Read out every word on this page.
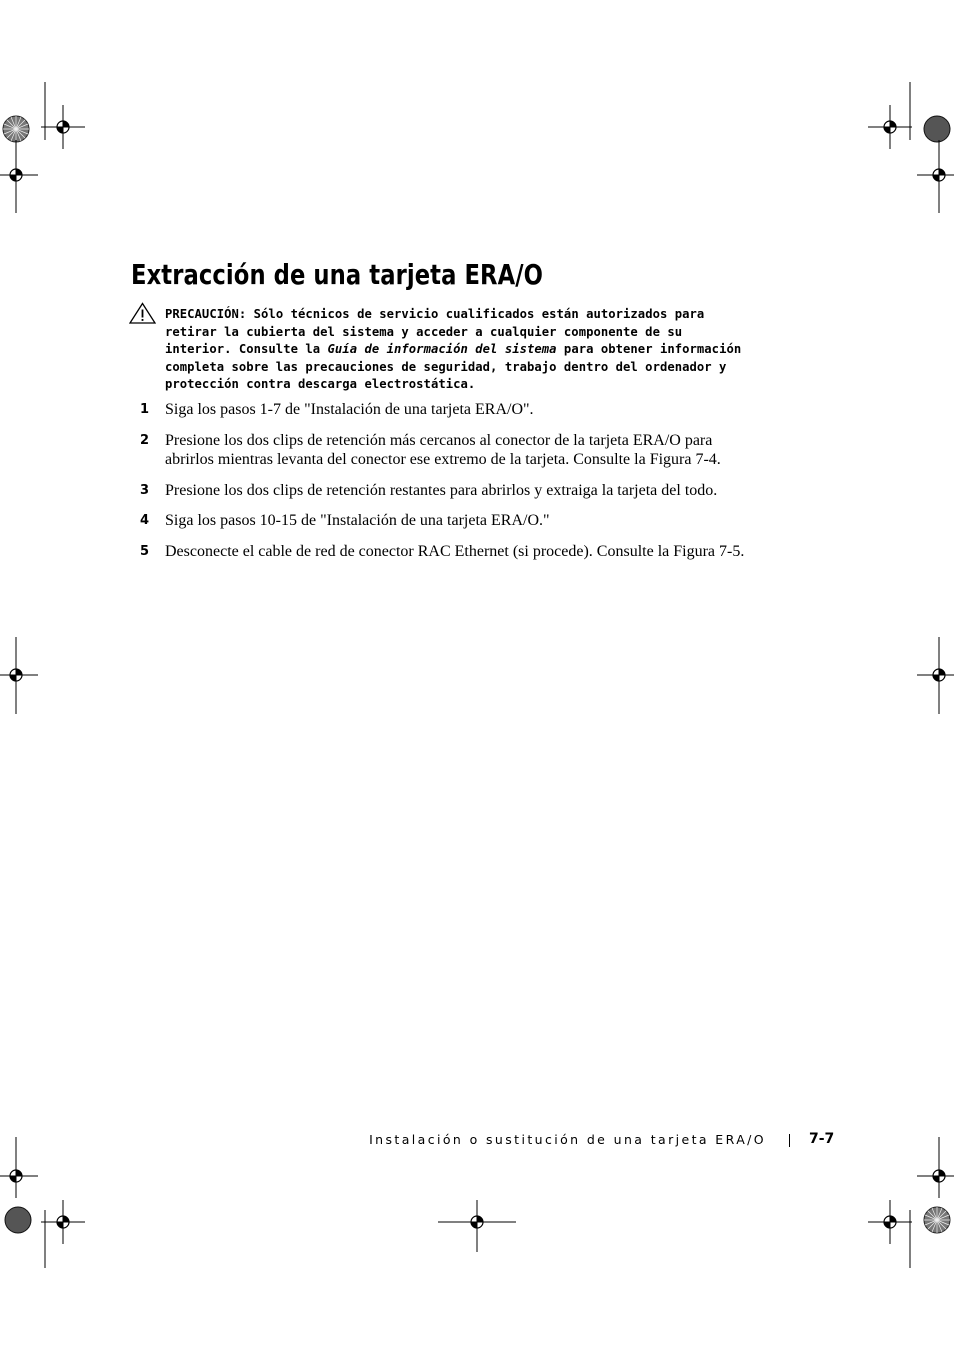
Extracción de una tarjeta ERA/O
PRECAUCIÓN: Sólo técnicos de servicio cualificados están autorizados para retirar la cubierta del sistema y acceder a cualquier componente de su interior. Consulte la Guía de información del sistema para obtener información completa sobre las precauciones de seguridad, trabajo dentro del ordenador y protección contra descarga electrostática.
1 Siga los pasos 1-7 de "Instalación de una tarjeta ERA/O".
2 Presione los dos clips de retención más cercanos al conector de la tarjeta ERA/O para abrirlos mientras levanta del conector ese extremo de la tarjeta. Consulte la Figura 7-4.
3 Presione los dos clips de retención restantes para abrirlos y extraiga la tarjeta del todo.
4 Siga los pasos 10-15 de "Instalación de una tarjeta ERA/O."
5 Desconecte el cable de red de conector RAC Ethernet (si procede). Consulte la Figura 7-5.
Instalación o sustitución de una tarjeta ERA/O	7-7
